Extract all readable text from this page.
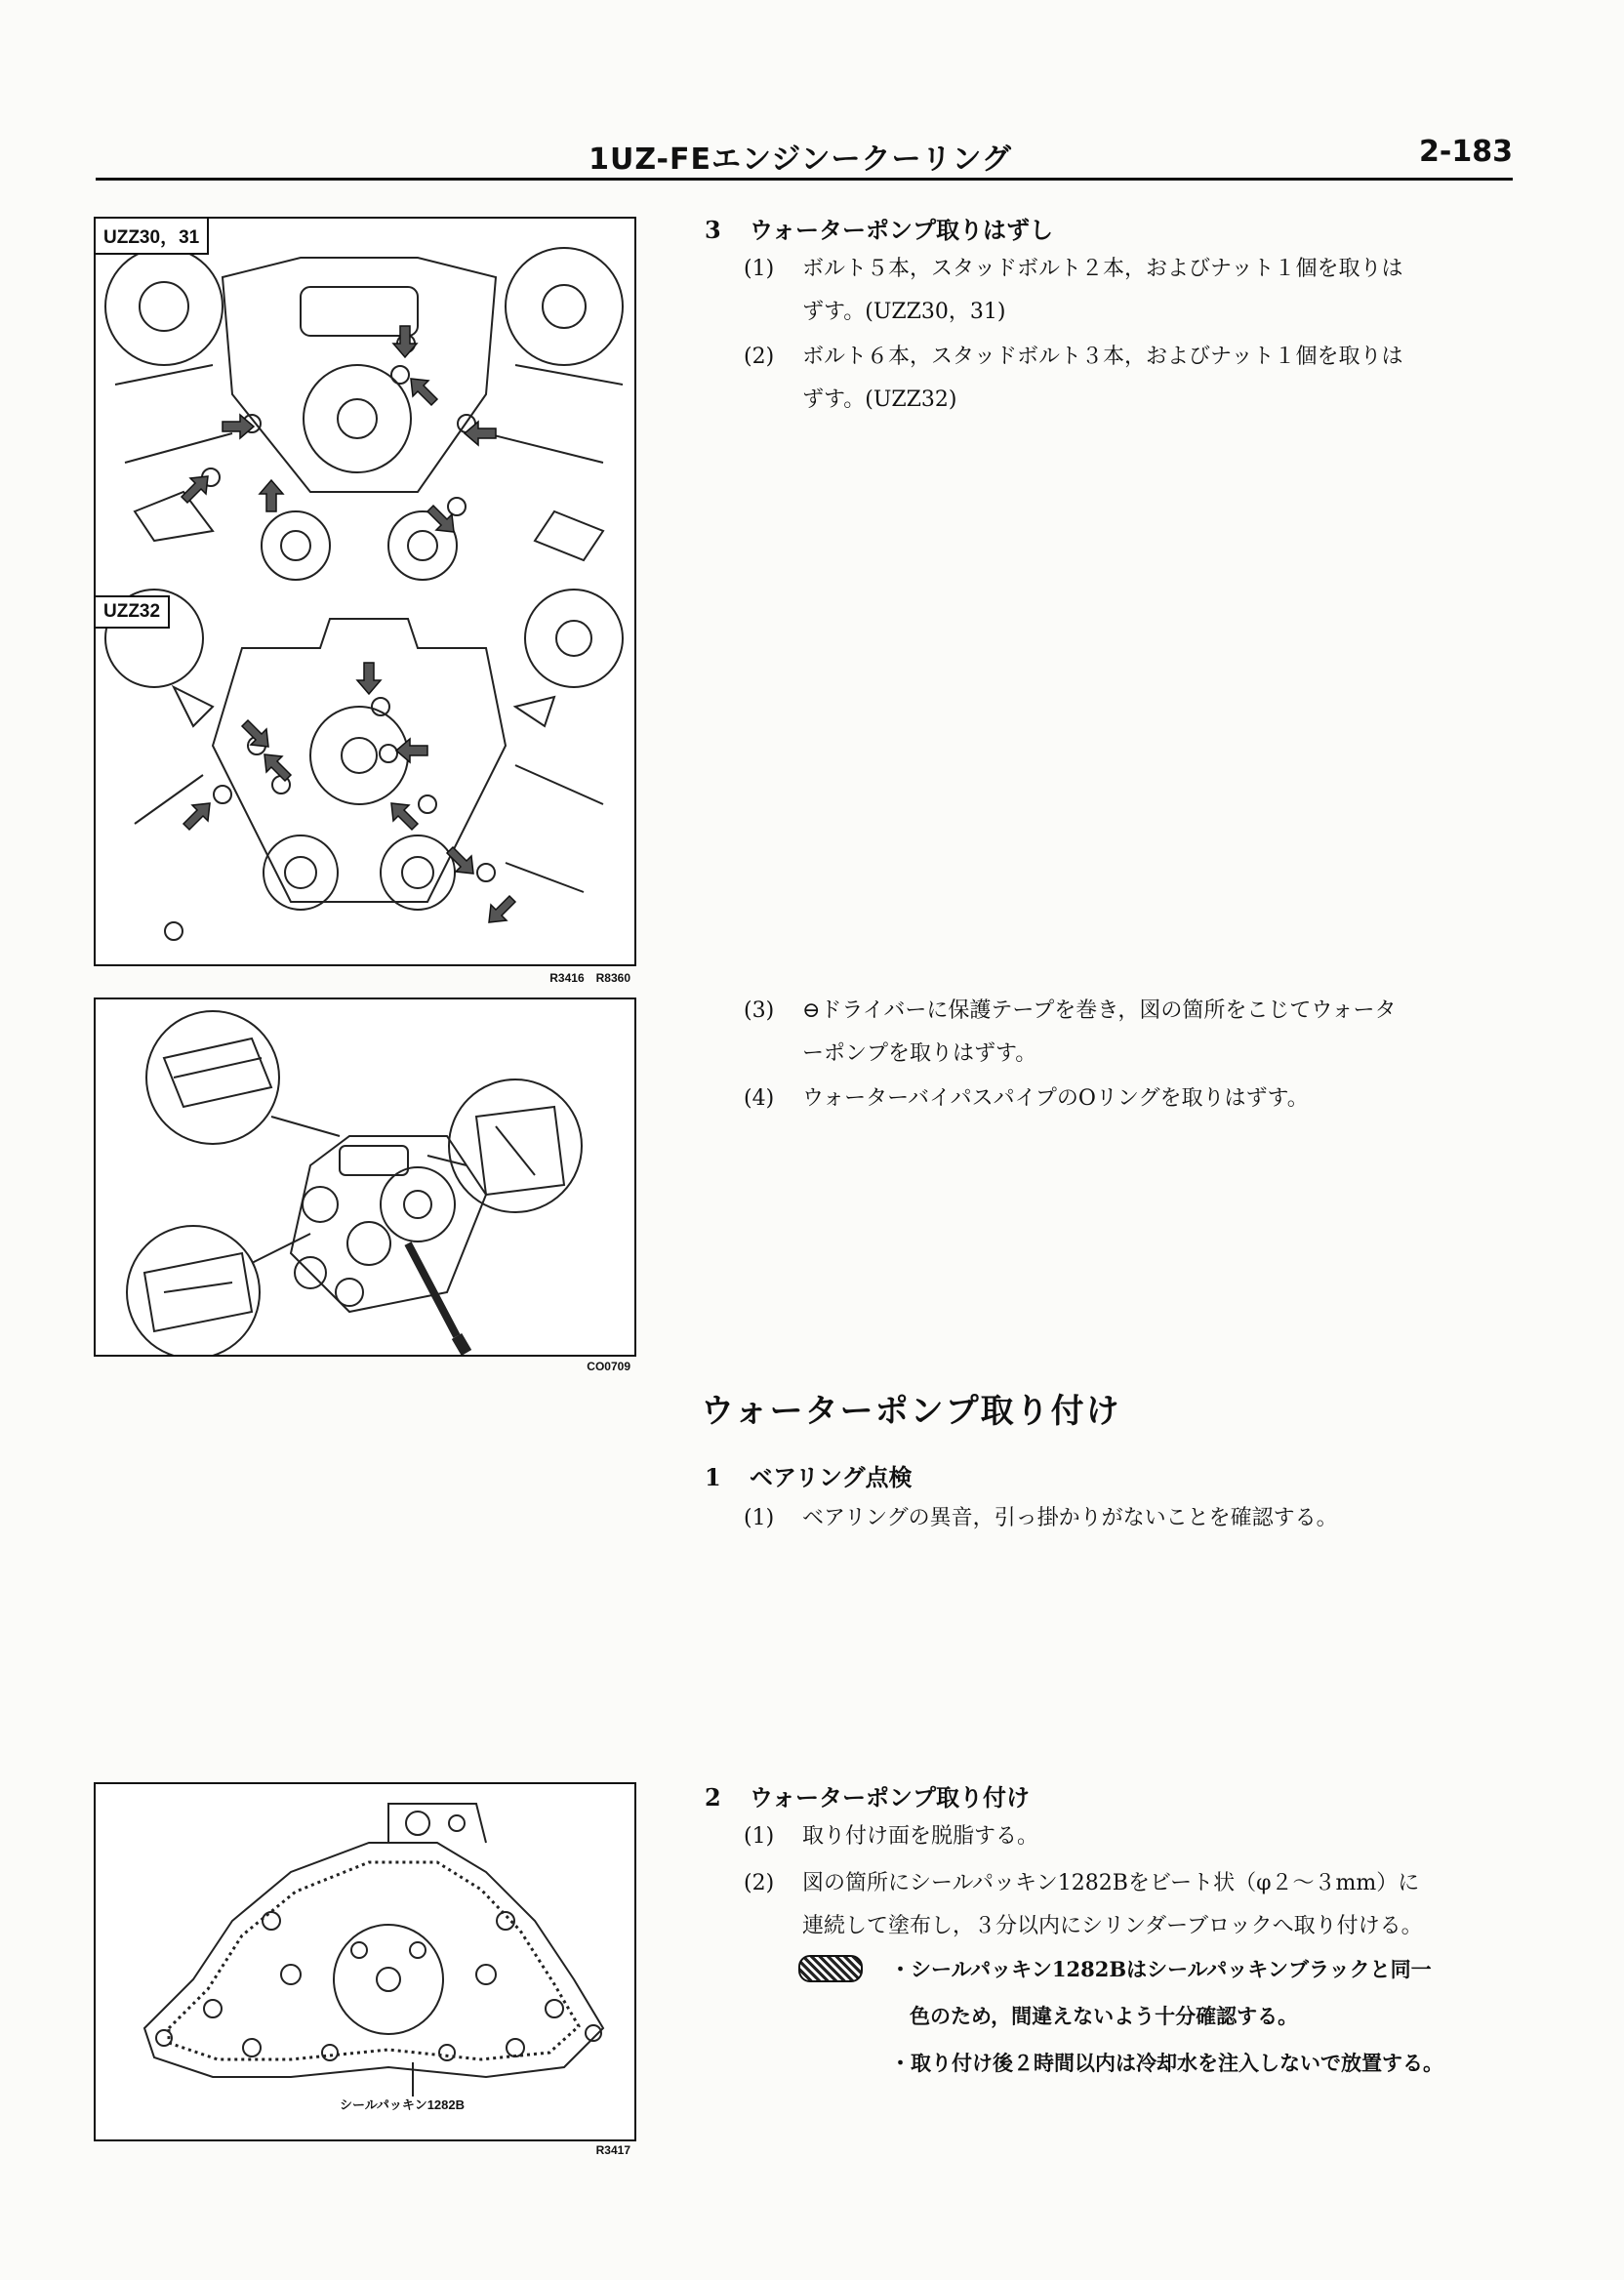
1UZ-FEエンジンークーリング	2-183
UZZ30，31
UZZ32
R3416　R8360
CO0709
シールパッキン1282B
R3417
3 ウォーターポンプ取りはずし
(1) ボルト５本，スタッドボルト２本，およびナット１個を取りは
ずす。(UZZ30，31)
(2) ボルト６本，スタッドボルト３本，およびナット１個を取りは
ずす。(UZZ32)
(3) ⊖ドライバーに保護テープを巻き，図の箇所をこじてウォータ
ーポンプを取りはずす。
(4) ウォーターバイパスパイプのOリングを取りはずす。
ウォーターポンプ取り付け
1 ベアリング点検
(1) ベアリングの異音，引っ掛かりがないことを確認する。
2 ウォーターポンプ取り付け
(1) 取り付け面を脱脂する。
(2) 図の箇所にシールパッキン1282Bをビート状（φ２～３mm）に
連続して塗布し，３分以内にシリンダーブロックへ取り付ける。
・シールパッキン1282Bはシールパッキンブラックと同一
色のため，間違えないよう十分確認する。
・取り付け後２時間以内は冷却水を注入しないで放置する。
